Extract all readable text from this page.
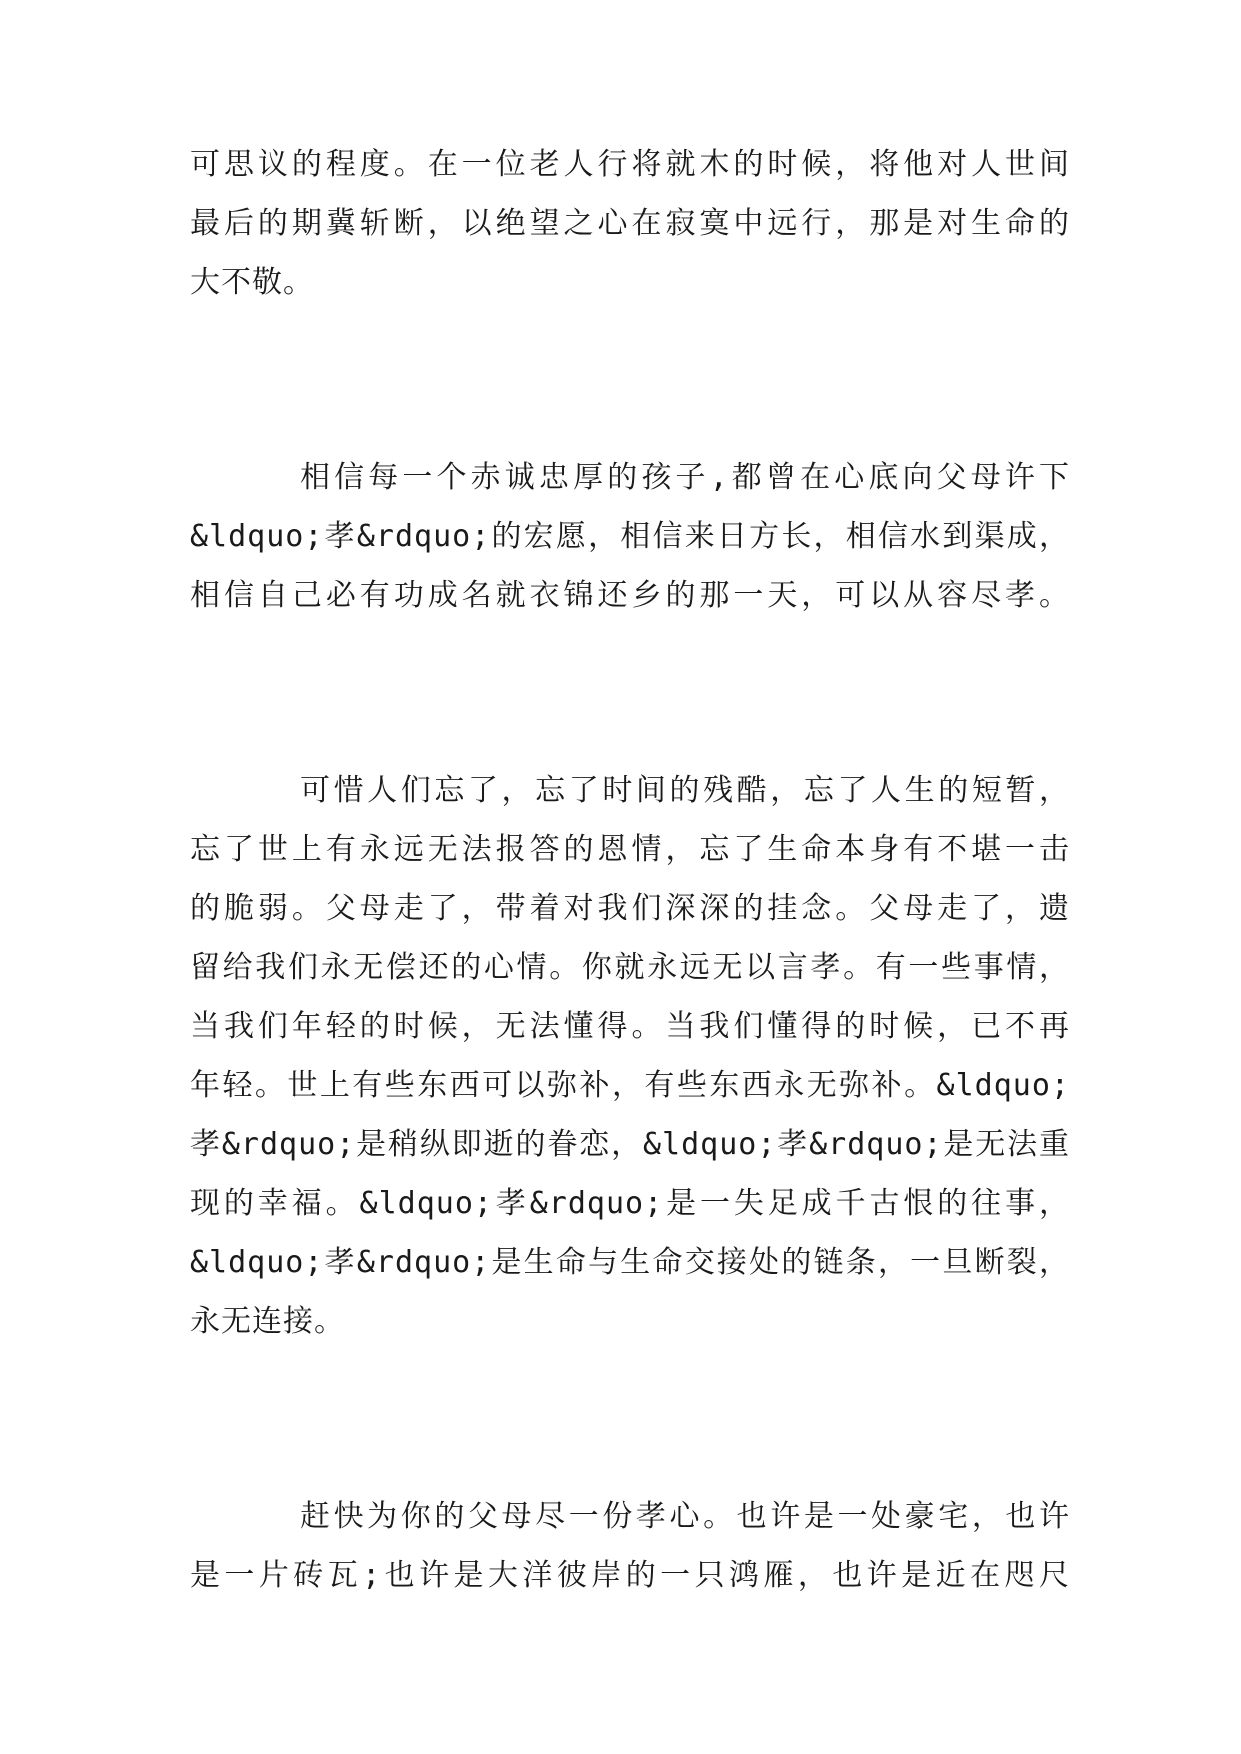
可思议的程度。在一位老人行将就木的时候，将他对人世间
最后的期冀斩断，以绝望之心在寂寞中远行，那是对生命的
大不敬。
相信每一个赤诚忠厚的孩子,都曾在心底向父母许下
&ldquo;孝&rdquo;的宏愿，相信来日方长，相信水到渠成，
相信自己必有功成名就衣锦还乡的那一天，可以从容尽孝。
可惜人们忘了，忘了时间的残酷，忘了人生的短暂，
忘了世上有永远无法报答的恩情，忘了生命本身有不堪一击
的脆弱。父母走了，带着对我们深深的挂念。父母走了，遗
留给我们永无偿还的心情。你就永远无以言孝。有一些事情，
当我们年轻的时候，无法懂得。当我们懂得的时候，已不再
年轻。世上有些东西可以弥补，有些东西永无弥补。&ldquo;
孝&rdquo;是稍纵即逝的眷恋，&ldquo;孝&rdquo;是无法重
现的幸福。&ldquo;孝&rdquo;是一失足成千古恨的往事，
&ldquo;孝&rdquo;是生命与生命交接处的链条，一旦断裂，
永无连接。
赶快为你的父母尽一份孝心。也许是一处豪宅，也许
是一片砖瓦;也许是大洋彼岸的一只鸿雁，也许是近在咫尺
